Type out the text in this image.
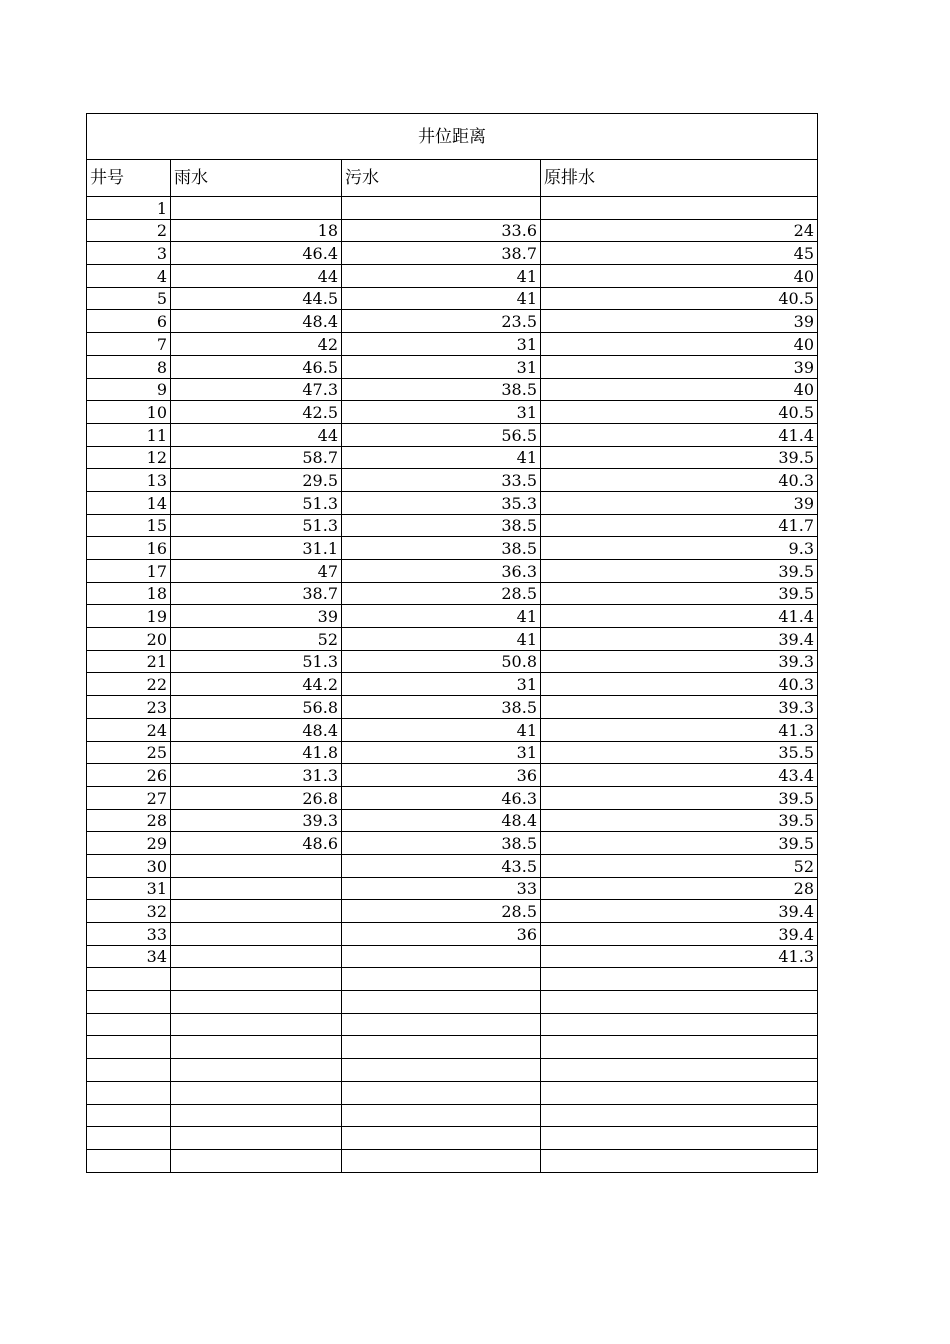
井位距离			
井号	雨水	污水	原排水
1			
2	18	33.6	24
3	46.4	38.7	45
4	44	41	40
5	44.5	41	40.5
6	48.4	23.5	39
7	42	31	40
8	46.5	31	39
9	47.3	38.5	40
10	42.5	31	40.5
11	44	56.5	41.4
12	58.7	41	39.5
13	29.5	33.5	40.3
14	51.3	35.3	39
15	51.3	38.5	41.7
16	31.1	38.5	9.3
17	47	36.3	39.5
18	38.7	28.5	39.5
19	39	41	41.4
20	52	41	39.4
21	51.3	50.8	39.3
22	44.2	31	40.3
23	56.8	38.5	39.3
24	48.4	41	41.3
25	41.8	31	35.5
26	31.3	36	43.4
27	26.8	46.3	39.5
28	39.3	48.4	39.5
29	48.6	38.5	39.5
30		43.5	52
31		33	28
32		28.5	39.4
33		36	39.4
34			41.3
